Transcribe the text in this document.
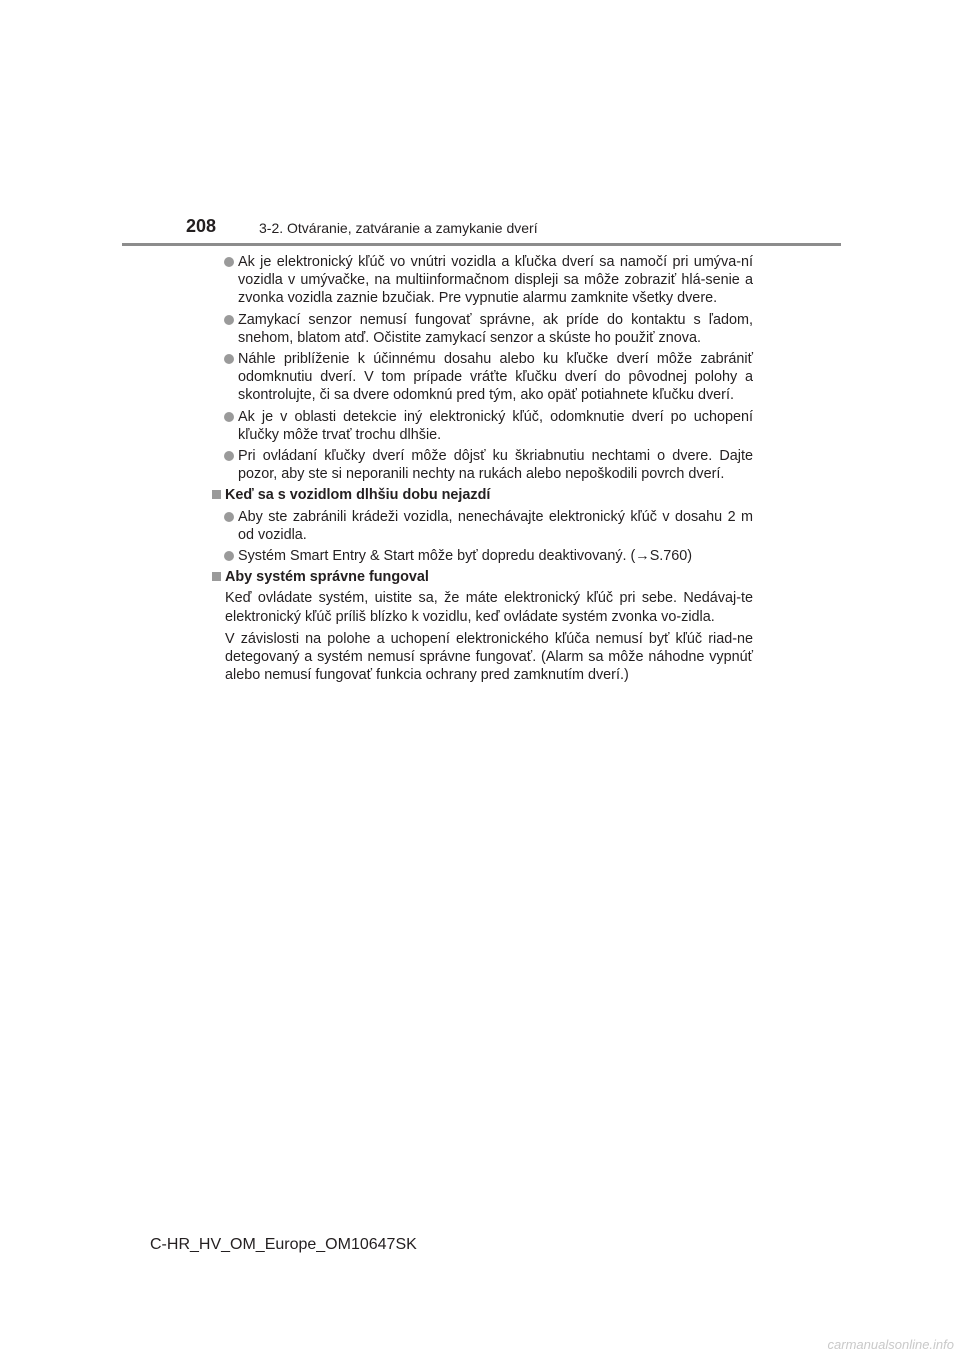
208	3-2. Otváranie, zatváranie a zamykanie dverí
Ak je elektronický kľúč vo vnútri vozidla a kľučka dverí sa namočí pri umýva-ní vozidla v umývačke, na multiinformačnom displeji sa môže zobraziť hlá-senie a zvonka vozidla zaznie bzučiak. Pre vypnutie alarmu zamknite všetky dvere.
Zamykací senzor nemusí fungovať správne, ak príde do kontaktu s ľadom, snehom, blatom atď. Očistite zamykací senzor a skúste ho použiť znova.
Náhle priblíženie k účinnému dosahu alebo ku kľučke dverí môže zabrániť odomknutiu dverí. V tom prípade vráťte kľučku dverí do pôvodnej polohy a skontrolujte, či sa dvere odomknú pred tým, ako opäť potiahnete kľučku dverí.
Ak je v oblasti detekcie iný elektronický kľúč, odomknutie dverí po uchopení kľučky môže trvať trochu dlhšie.
Pri ovládaní kľučky dverí môže dôjsť ku škriabnutiu nechtami o dvere. Dajte pozor, aby ste si neporanili nechty na rukách alebo nepoškodili povrch dverí.
Keď sa s vozidlom dlhšiu dobu nejazdí
Aby ste zabránili krádeži vozidla, nenechávajte elektronický kľúč v dosahu 2 m od vozidla.
Systém Smart Entry & Start môže byť dopredu deaktivovaný. (→S.760)
Aby systém správne fungoval
Keď ovládate systém, uistite sa, že máte elektronický kľúč pri sebe. Nedávaj-te elektronický kľúč príliš blízko k vozidlu, keď ovládate systém zvonka vo-zidla.
V závislosti na polohe a uchopení elektronického kľúča nemusí byť kľúč riad-ne detegovaný a systém nemusí správne fungovať. (Alarm sa môže náhodne vypnúť alebo nemusí fungovať funkcia ochrany pred zamknutím dverí.)
C-HR_HV_OM_Europe_OM10647SK
carmanualsonline.info
